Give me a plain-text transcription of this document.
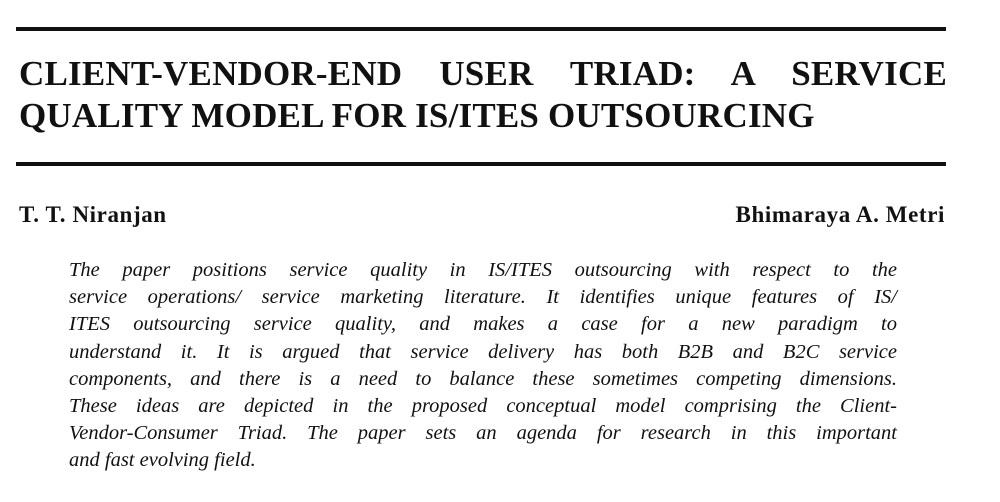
CLIENT-VENDOR-END USER TRIAD: A SERVICE
QUALITY MODEL FOR IS/ITES OUTSOURCING

T. T. Niranjan	Bhimaraya A. Metri

The paper positions service quality in IS/ITES outsourcing with respect to the
service operations/ service marketing literature. It identifies unique features of IS/
ITES outsourcing service quality, and makes a case for a new paradigm to
understand it. It is argued that service delivery has both B2B and B2C service
components, and there is a need to balance these sometimes competing dimensions.
These ideas are depicted in the proposed conceptual model comprising the Client-
Vendor-Consumer Triad. The paper sets an agenda for research in this important
and fast evolving field.
